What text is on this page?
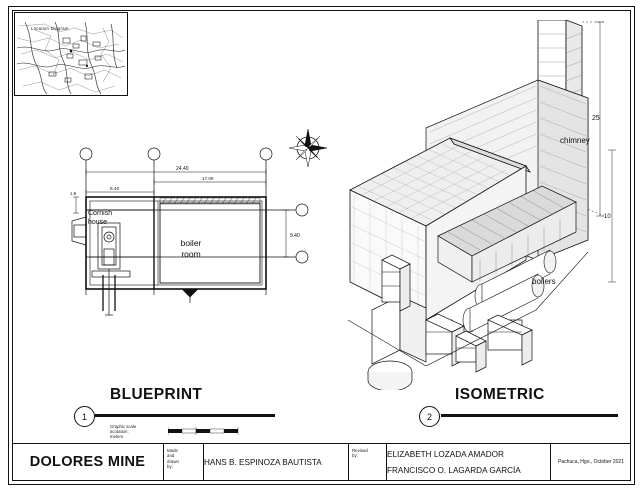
Location Diagram
24.40
17.05
6.40
9.40
1.8
Cornish
house
boiler
room
25
10
chimney
boilers
BLUEPRINT	ISOMETRIC
1	2
Graphic scale
acotation:
meters
DOLORES MINE
Made
and
drawn
by:
HANS B. ESPINOZA BAUTISTA
Revised
by:	ELIZABETH LOZADA AMADOR
FRANCISCO O. LAGARDA GARCÍA
Pachuca, Hgo., October 2021
